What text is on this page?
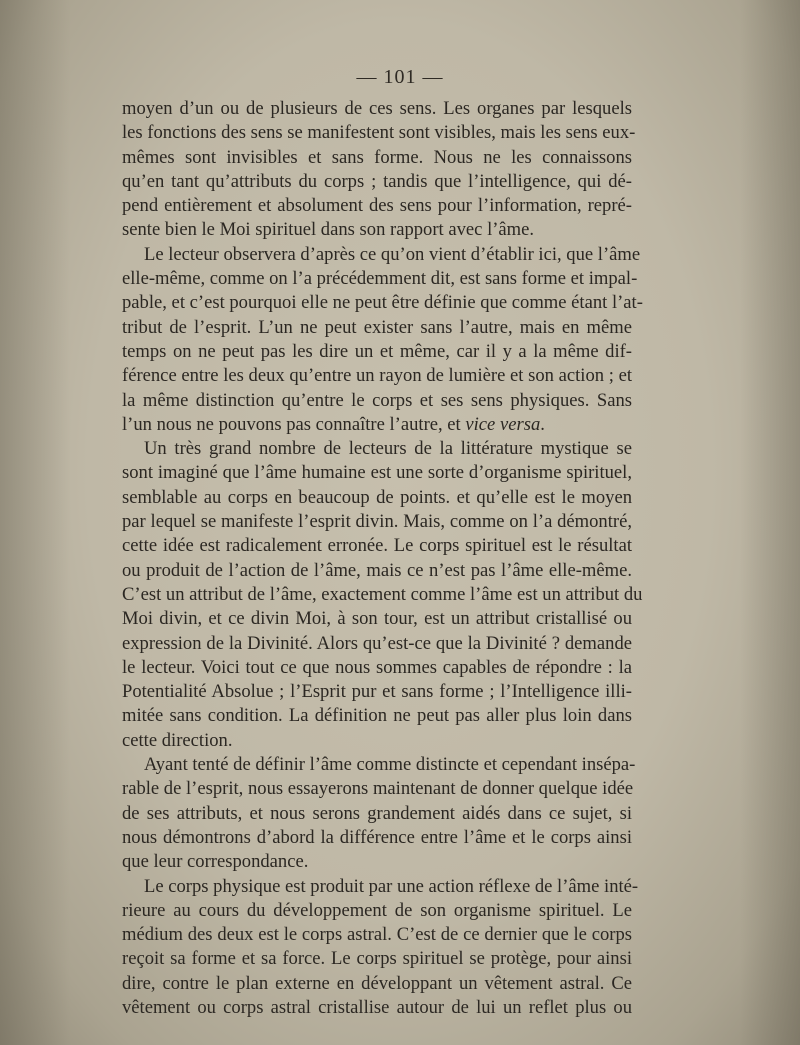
— 101 —
moyen d’un ou de plusieurs de ces sens. Les organes par lesquels
les fonctions des sens se manifestent sont visibles, mais les sens eux-
mêmes sont invisibles et sans forme. Nous ne les connaissons
qu’en tant qu’attributs du corps ; tandis que l’intelligence, qui dé-
pend entièrement et absolument des sens pour l’information, repré-
sente bien le Moi spirituel dans son rapport avec l’âme.
Le lecteur observera d’après ce qu’on vient d’établir ici, que l’âme
elle-même, comme on l’a précédemment dit, est sans forme et impal-
pable, et c’est pourquoi elle ne peut être définie que comme étant l’at-
tribut de l’esprit. L’un ne peut exister sans l’autre, mais en même
temps on ne peut pas les dire un et même, car il y a la même dif-
férence entre les deux qu’entre un rayon de lumière et son action ; et
la même distinction qu’entre le corps et ses sens physiques. Sans
l’un nous ne pouvons pas connaître l’autre, et vice versa.
Un très grand nombre de lecteurs de la littérature mystique se
sont imaginé que l’âme humaine est une sorte d’organisme spirituel,
semblable au corps en beaucoup de points. et qu’elle est le moyen
par lequel se manifeste l’esprit divin. Mais, comme on l’a démontré,
cette idée est radicalement erronée. Le corps spirituel est le résultat
ou produit de l’action de l’âme, mais ce n’est pas l’âme elle-même.
C’est un attribut de l’âme, exactement comme l’âme est un attribut du
Moi divin, et ce divin Moi, à son tour, est un attribut cristallisé ou
expression de la Divinité. Alors qu’est-ce que la Divinité ? demande
le lecteur. Voici tout ce que nous sommes capables de répondre : la
Potentialité Absolue ; l’Esprit pur et sans forme ; l’Intelligence illi-
mitée sans condition. La définition ne peut pas aller plus loin dans
cette direction.
Ayant tenté de définir l’âme comme distincte et cependant insépa-
rable de l’esprit, nous essayerons maintenant de donner quelque idée
de ses attributs, et nous serons grandement aidés dans ce sujet, si
nous démontrons d’abord la différence entre l’âme et le corps ainsi
que leur correspondance.
Le corps physique est produit par une action réflexe de l’âme inté-
rieure au cours du développement de son organisme spirituel. Le
médium des deux est le corps astral. C’est de ce dernier que le corps
reçoit sa forme et sa force. Le corps spirituel se protège, pour ainsi
dire, contre le plan externe en développant un vêtement astral. Ce
vêtement ou corps astral cristallise autour de lui un reflet plus ou
